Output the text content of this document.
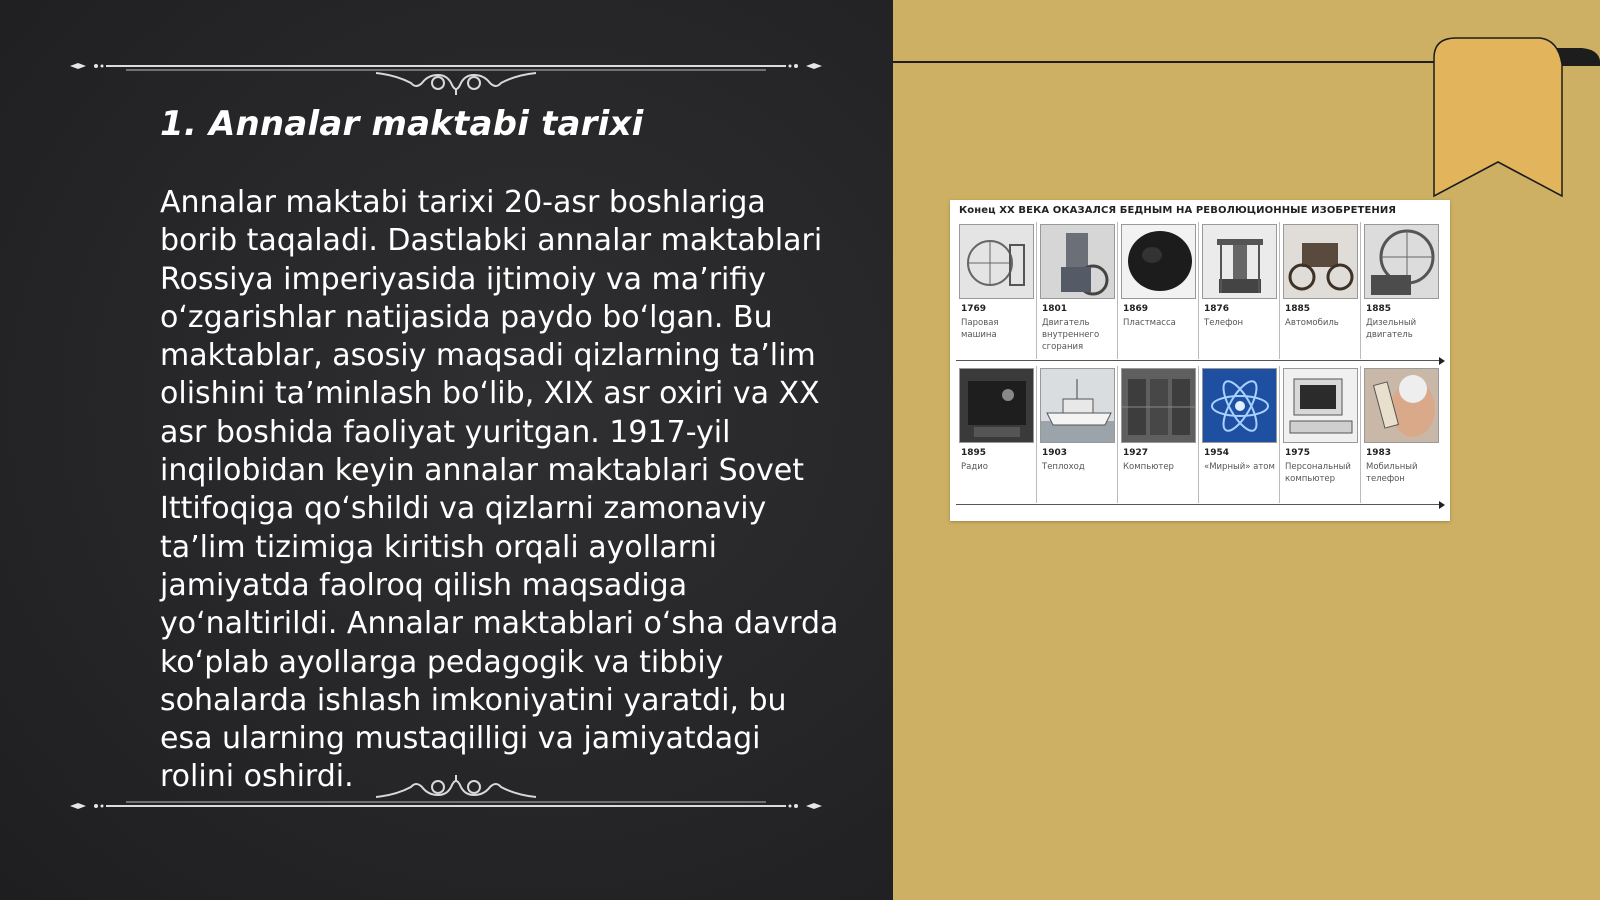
1. Annalar maktabi tarixi
Annalar maktabi tarixi 20-asr boshlariga borib taqaladi. Dastlabki annalar maktablari Rossiya imperiyasida ijtimoiy va ma’rifiy o‘zgarishlar natijasida paydo bo‘lgan. Bu maktablar, asosiy maqsadi qizlarning ta’lim olishini ta’minlash bo‘lib, XIX asr oxiri va XX asr boshida faoliyat yuritgan. 1917-yil inqilobidan keyin annalar maktablari Sovet Ittifoqiga qo‘shildi va qizlarni zamonaviy ta’lim tizimiga kiritish orqali ayollarni jamiyatda faolroq qilish maqsadiga yo‘naltirildi. Annalar maktablari o‘sha davrda ko‘plab ayollarga pedagogik va tibbiy sohalarda ishlash imkoniyatini yaratdi, bu esa ularning mustaqilligi va jamiyatdagi rolini oshirdi.
Конец XX ВЕКА ОКАЗАЛСЯ БЕДНЫМ НА РЕВОЛЮЦИОННЫЕ ИЗОБРЕТЕНИЯ
1769
Паровая машина
1801
Двигатель внутреннего сгорания
1869
Пластмасса
1876
Телефон
1885
Автомобиль
1885
Дизельный двигатель
1895
Радио
1903
Теплоход
1927
Компьютер
1954
«Мирный» атом
1975
Персональный компьютер
1983
Мобильный телефон
